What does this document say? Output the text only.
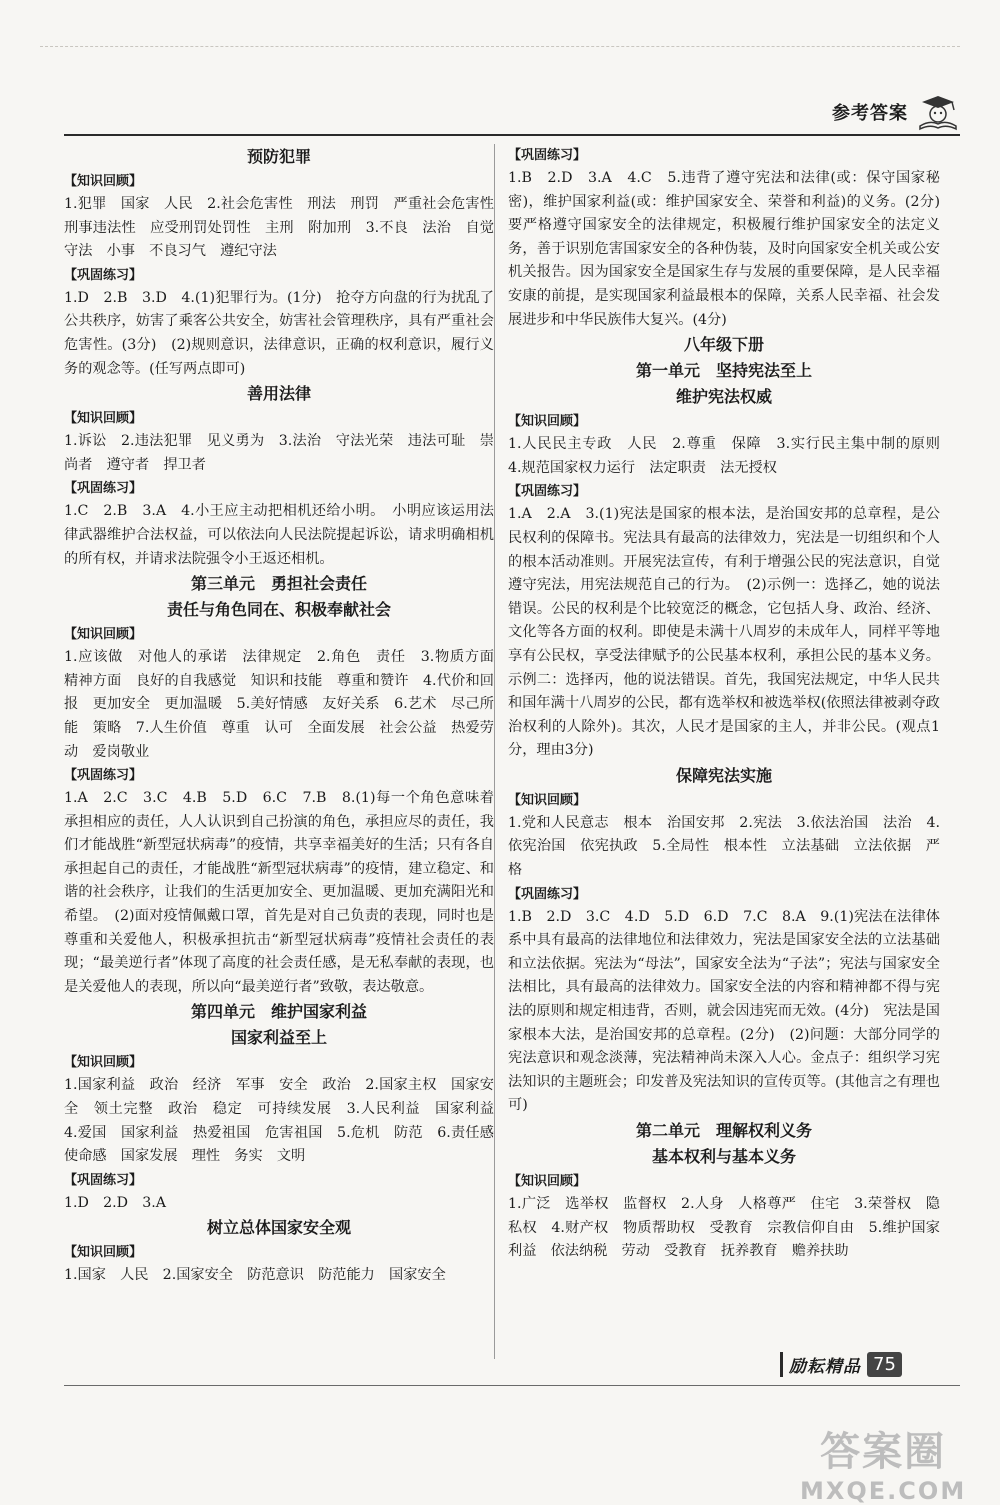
参考答案
预防犯罪
【知识回顾】

1.犯罪　国家　人民　2.社会危害性　刑法　刑罚　严重社会危害性　刑事违法性　应受刑罚处罚性　主刑　附加刑　3.不良　法治　自觉守法　小事　不良习气　遵纪守法

【巩固练习】

1.D　2.B　3.D　4.(1)犯罪行为。(1分)　抢夺方向盘的行为扰乱了公共秩序，妨害了乘客公共安全，妨害社会管理秩序，具有严重社会危害性。(3分)　(2)规则意识，法律意识，正确的权利意识，履行义务的观念等。(任写两点即可)

善用法律
【知识回顾】

1.诉讼　2.违法犯罪　见义勇为　3.法治　守法光荣　违法可耻　崇尚者　遵守者　捍卫者

【巩固练习】

1.C　2.B　3.A　4.小王应主动把相机还给小明。　小明应该运用法律武器维护合法权益，可以依法向人民法院提起诉讼，请求明确相机的所有权，并请求法院强令小王返还相机。

第三单元　勇担社会责任
责任与角色同在、积极奉献社会
【知识回顾】

1.应该做　对他人的承诺　法律规定　2.角色　责任　3.物质方面　精神方面　良好的自我感觉　知识和技能　尊重和赞许　4.代价和回报　更加安全　更加温暖　5.美好情感　友好关系　6.艺术　尽己所能　策略　7.人生价值　尊重　认可　全面发展　社会公益　热爱劳动　爱岗敬业

【巩固练习】

1.A　2.C　3.C　4.B　5.D　6.C　7.B　8.(1)每一个角色意味着承担相应的责任，人人认识到自己扮演的角色，承担应尽的责任，我们才能战胜“新型冠状病毒”的疫情，共享幸福美好的生活；只有各自承担起自己的责任，才能战胜“新型冠状病毒”的疫情，建立稳定、和谐的社会秩序，让我们的生活更加安全、更加温暖、更加充满阳光和希望。　(2)面对疫情佩戴口罩，首先是对自己负责的表现，同时也是尊重和关爱他人，积极承担抗击“新型冠状病毒”疫情社会责任的表现；“最美逆行者”体现了高度的社会责任感，是无私奉献的表现，也是关爱他人的表现，所以向“最美逆行者”致敬，表达敬意。

第四单元　维护国家利益
国家利益至上
【知识回顾】

1.国家利益　政治　经济　军事　安全　政治　2.国家主权　国家安全　领土完整　政治　稳定　可持续发展　3.人民利益　国家利益　4.爱国　国家利益　热爱祖国　危害祖国　5.危机　防范　6.责任感　使命感　国家发展　理性　务实　文明

【巩固练习】

1.D　2.D　3.A

树立总体国家安全观
【知识回顾】

1.国家　人民　2.国家安全　防范意识　防范能力　国家安全

【巩固练习】

1.B　2.D　3.A　4.C　5.违背了遵守宪法和法律(或：保守国家秘密)，维护国家利益(或：维护国家安全、荣誉和利益)的义务。(2分)　要严格遵守国家安全的法律规定，积极履行维护国家安全的法定义务，善于识别危害国家安全的各种伪装，及时向国家安全机关或公安机关报告。因为国家安全是国家生存与发展的重要保障，是人民幸福安康的前提，是实现国家利益最根本的保障，关系人民幸福、社会发展进步和中华民族伟大复兴。(4分)

八年级下册
第一单元　坚持宪法至上
维护宪法权威
【知识回顾】

1.人民民主专政　人民　2.尊重　保障　3.实行民主集中制的原则　4.规范国家权力运行　法定职责　法无授权

【巩固练习】

1.A　2.A　3.(1)宪法是国家的根本法，是治国安邦的总章程，是公民权利的保障书。宪法具有最高的法律效力，宪法是一切组织和个人的根本活动准则。开展宪法宣传，有利于增强公民的宪法意识，自觉遵守宪法，用宪法规范自己的行为。　(2)示例一：选择乙，她的说法错误。公民的权利是个比较宽泛的概念，它包括人身、政治、经济、文化等各方面的权利。即使是未满十八周岁的未成年人，同样平等地享有公民权，享受法律赋予的公民基本权利，承担公民的基本义务。示例二：选择丙，他的说法错误。首先，我国宪法规定，中华人民共和国年满十八周岁的公民，都有选举权和被选举权(依照法律被剥夺政治权利的人除外)。其次，人民才是国家的主人，并非公民。(观点1分，理由3分)

保障宪法实施
【知识回顾】

1.党和人民意志　根本　治国安邦　2.宪法　3.依法治国　法治　4.依宪治国　依宪执政　5.全局性　根本性　立法基础　立法依据　严格

【巩固练习】

1.B　2.D　3.C　4.D　5.D　6.D　7.C　8.A　9.(1)宪法在法律体系中具有最高的法律地位和法律效力，宪法是国家安全法的立法基础和立法依据。宪法为“母法”，国家安全法为“子法”；宪法与国家安全法相比，具有最高的法律效力。国家安全法的内容和精神都不得与宪法的原则和规定相违背，否则，就会因违宪而无效。(4分)　宪法是国家根本大法，是治国安邦的总章程。(2分)　(2)问题：大部分同学的宪法意识和观念淡薄，宪法精神尚未深入人心。金点子：组织学习宪法知识的主题班会；印发普及宪法知识的宣传页等。(其他言之有理也可)

第二单元　理解权利义务
基本权利与基本义务
【知识回顾】

1.广泛　选举权　监督权　2.人身　人格尊严　住宅　3.荣誉权　隐私权　4.财产权　物质帮助权　受教育　宗教信仰自由　5.维护国家利益　依法纳税　劳动　受教育　抚养教育　赡养扶助

励耘精品 75
答案圈
MXQE.COM
